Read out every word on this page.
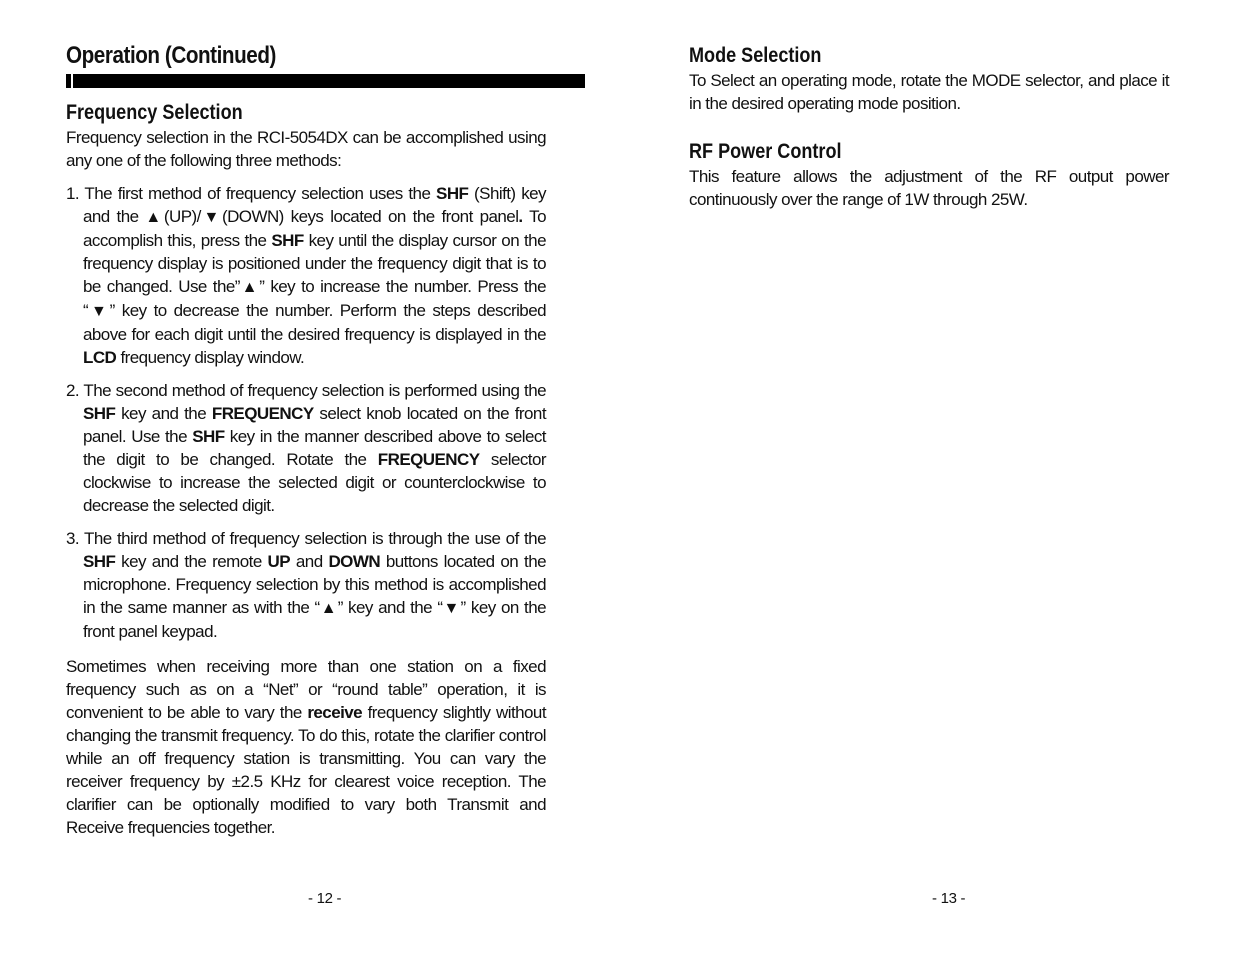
Operation (Continued)
Frequency Selection

Frequency selection in the RCI-5054DX can be accomplished using any one of the following three methods:

1. The first method of frequency selection uses the SHF (Shift) key and the ▲(UP)/▼(DOWN) keys located on the front panel. To accomplish this, press the SHF key until the display cursor on the frequency display is positioned under the frequency digit that is to be changed. Use the”▲” key to increase the number. Press the “▼” key to decrease the number. Perform the steps described above for each digit until the desired frequency is displayed in the LCD frequency display window.
2. The second method of frequency selection is performed using the SHF key and the FREQUENCY select knob located on the front panel. Use the SHF key in the manner described above to select the digit to be changed. Rotate the FREQUENCY selector clockwise to increase the selected digit or counterclockwise to decrease the selected digit.
3. The third method of frequency selection is through the use of the SHF key and the remote UP and DOWN buttons located on the microphone. Frequency selection by this method is accomplished in the same manner as with the “▲” key and the “▼” key on the front panel keypad.

Sometimes when receiving more than one station on a fixed frequency such as on a “Net” or “round table” operation, it is convenient to be able to vary the receive frequency slightly without changing the transmit frequency. To do this, rotate the clarifier control while an off frequency station is transmitting. You can vary the receiver frequency by ±2.5 KHz for clearest voice reception. The clarifier can be optionally modified to vary both Transmit and Receive frequencies together.

- 12 -
Mode Selection

To Select an operating mode, rotate the MODE selector, and place it in the desired operating mode position.

RF Power Control

This feature allows the adjustment of the RF output power continuously over the range of 1W through 25W.

- 13 -
